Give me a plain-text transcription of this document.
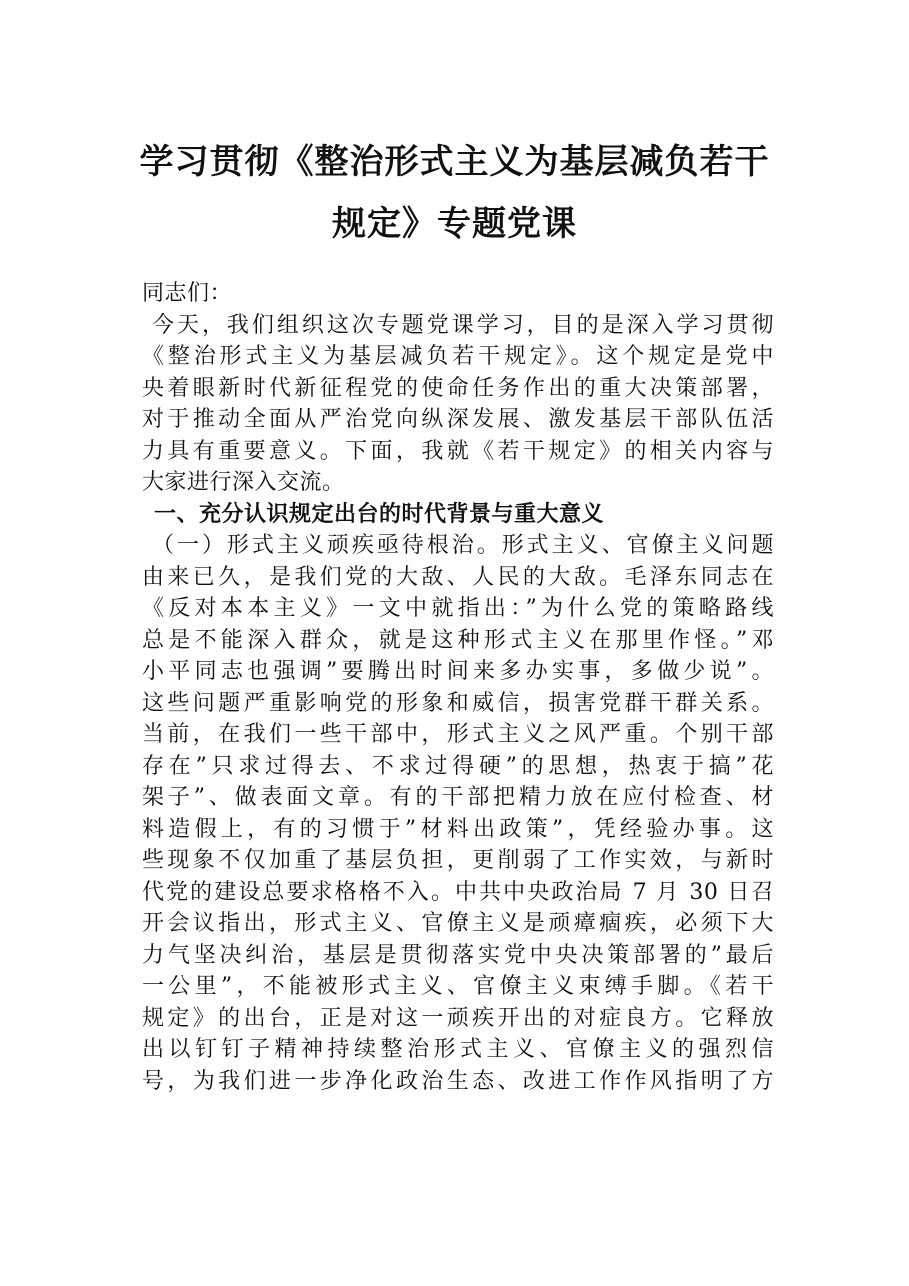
学习贯彻《整治形式主义为基层减负若干
规定》专题党课
同志们：
今天，我们组织这次专题党课学习，目的是深入学习贯彻
《整治形式主义为基层减负若干规定》。这个规定是党中
央着眼新时代新征程党的使命任务作出的重大决策部署，
对于推动全面从严治党向纵深发展、激发基层干部队伍活
力具有重要意义。下面，我就《若干规定》的相关内容与
大家进行深入交流。
一、充分认识规定出台的时代背景与重大意义
（一）形式主义顽疾亟待根治。形式主义、官僚主义问题
由来已久，是我们党的大敌、人民的大敌。毛泽东同志在
《反对本本主义》一文中就指出：”为什么党的策略路线
总是不能深入群众，就是这种形式主义在那里作怪。”邓
小平同志也强调”要腾出时间来多办实事，多做少说”。
这些问题严重影响党的形象和威信，损害党群干群关系。
当前，在我们一些干部中，形式主义之风严重。个别干部
存在”只求过得去、不求过得硬”的思想，热衷于搞”花
架子”、做表面文章。有的干部把精力放在应付检查、材
料造假上，有的习惯于”材料出政策”，凭经验办事。这
些现象不仅加重了基层负担，更削弱了工作实效，与新时
代党的建设总要求格格不入。中共中央政治局 7 月 30 日召
开会议指出，形式主义、官僚主义是顽瘴痼疾，必须下大
力气坚决纠治，基层是贯彻落实党中央决策部署的”最后
一公里”，不能被形式主义、官僚主义束缚手脚。《若干
规定》的出台，正是对这一顽疾开出的对症良方。它释放
出以钉钉子精神持续整治形式主义、官僚主义的强烈信
号，为我们进一步净化政治生态、改进工作作风指明了方
